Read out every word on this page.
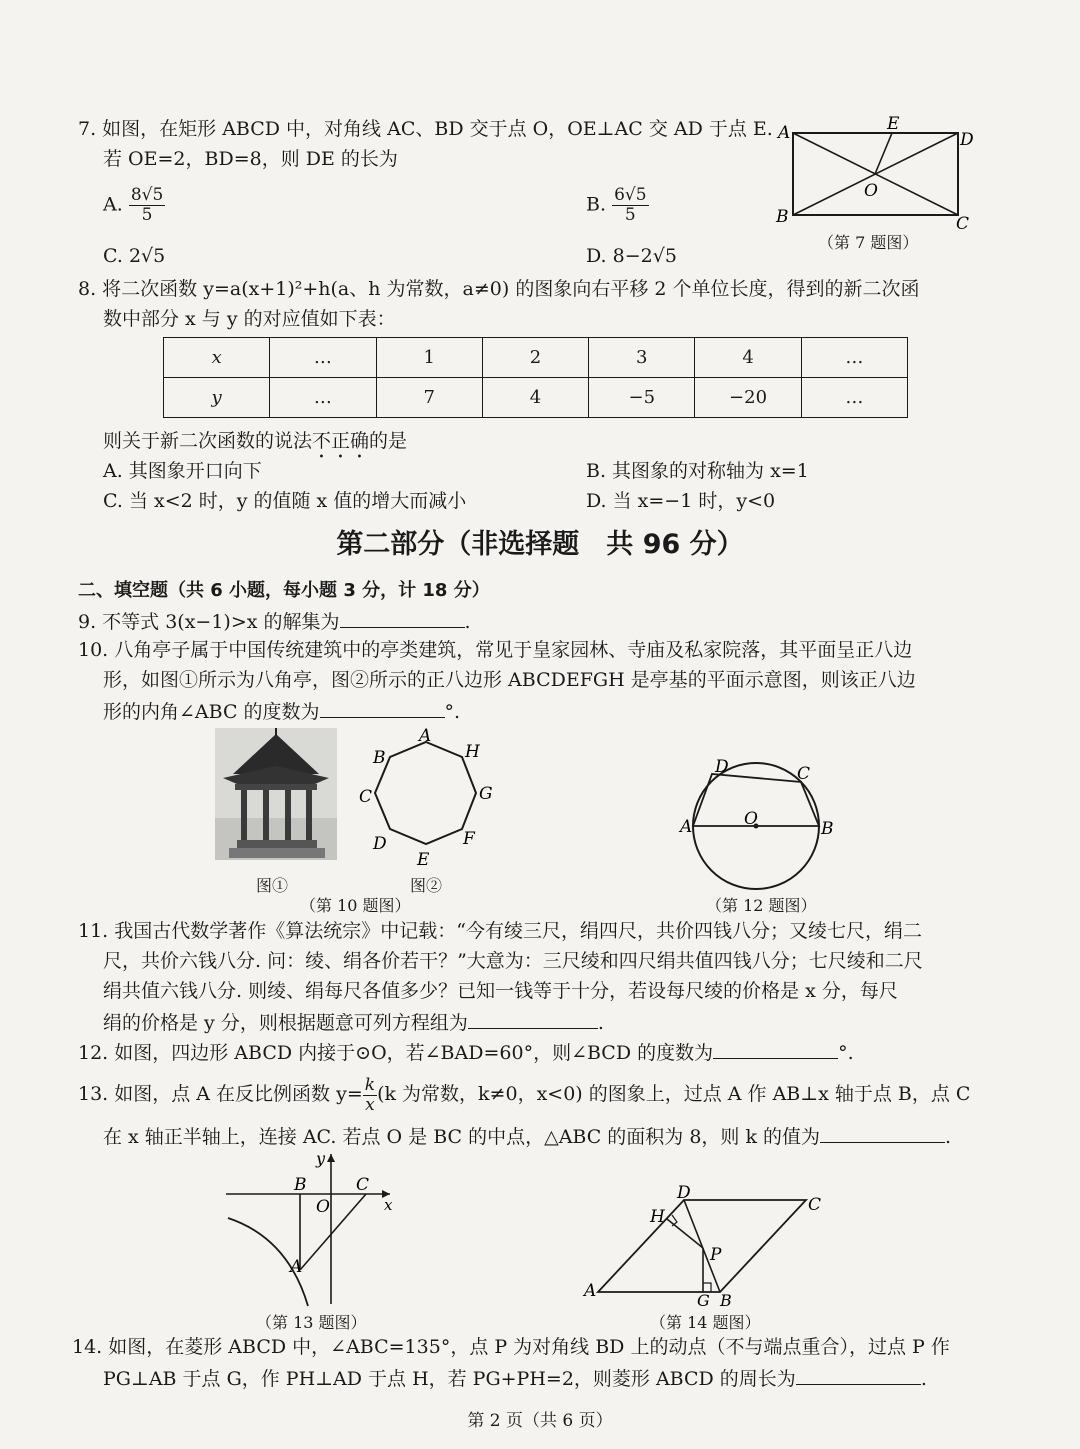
7. 如图，在矩形 ABCD 中，对角线 AC、BD 交于点 O，OE⊥AC 交 AD 于点 E.
若 OE=2，BD=8，则 DE 的长为
A. $\frac{8√5}{5}$	B. $\frac{6√5}{5}$
C. 2√5	D. 8−2√5
A	E
D
O
B	C
（第 7 题图）
8. 将二次函数 y=a(x+1)²+h(a、h 为常数，a≠0) 的图象向右平移 2 个单位长度，得到的新二次函
数中部分 x 与 y 的对应值如下表：
x	…	1	2	3	4	…
y	…	7	4	−5	−20	…
则关于新二次函数的说法不正确的是
A. 其图象开口向下	B. 其图象的对称轴为 x=1
C. 当 x<2 时，y 的值随 x 值的增大而减小	D. 当 x=−1 时，y<0
第二部分（非选择题　共 96 分）
二、填空题（共 6 小题，每小题 3 分，计 18 分）
9. 不等式 3(x−1)>x 的解集为	.
10. 八角亭子属于中国传统建筑中的亭类建筑，常见于皇家园林、寺庙及私家院落，其平面呈正八边
形，如图①所示为八角亭，图②所示的正八边形 ABCDEFGH 是亭基的平面示意图，则该正八边
形的内角∠ABC 的度数为	°.
A
H
G
F
E
D
C
B
图①
（第 10 题图）
图②
A	B
C
D
O
（第 12 题图）
11. 我国古代数学著作《算法统宗》中记载：“今有绫三尺，绢四尺，共价四钱八分；又绫七尺，绢二
尺，共价六钱八分. 问：绫、绢各价若干？”大意为：三尺绫和四尺绢共值四钱八分；七尺绫和二尺
绢共值六钱八分. 则绫、绢每尺各值多少？已知一钱等于十分，若设每尺绫的价格是 x 分，每尺
绢的价格是 y 分，则根据题意可列方程组为	.
12. 如图，四边形 ABCD 内接于⊙O，若∠BAD=60°，则∠BCD 的度数为	°.
13. 如图，点 A 在反比例函数 $y= \frac{k}{x} (k$ 为常数，k≠0，x<0) 的图象上，过点 A 作 AB⊥x 轴于点 B，点 C
在 x 轴正半轴上，连接 AC. 若点 O 是 BC 的中点，△ABC 的面积为 8，则 k 的值为	.
y
x
B	C
O
A
（第 13 题图）
D
C
H
P
A	G B
（第 14 题图）
14. 如图，在菱形 ABCD 中，∠ABC=135°，点 P 为对角线 BD 上的动点（不与端点重合），过点 P 作
PG⊥AB 于点 G，作 PH⊥AD 于点 H，若 PG+PH=2，则菱形 ABCD 的周长为	.
第 2 页（共 6 页）
